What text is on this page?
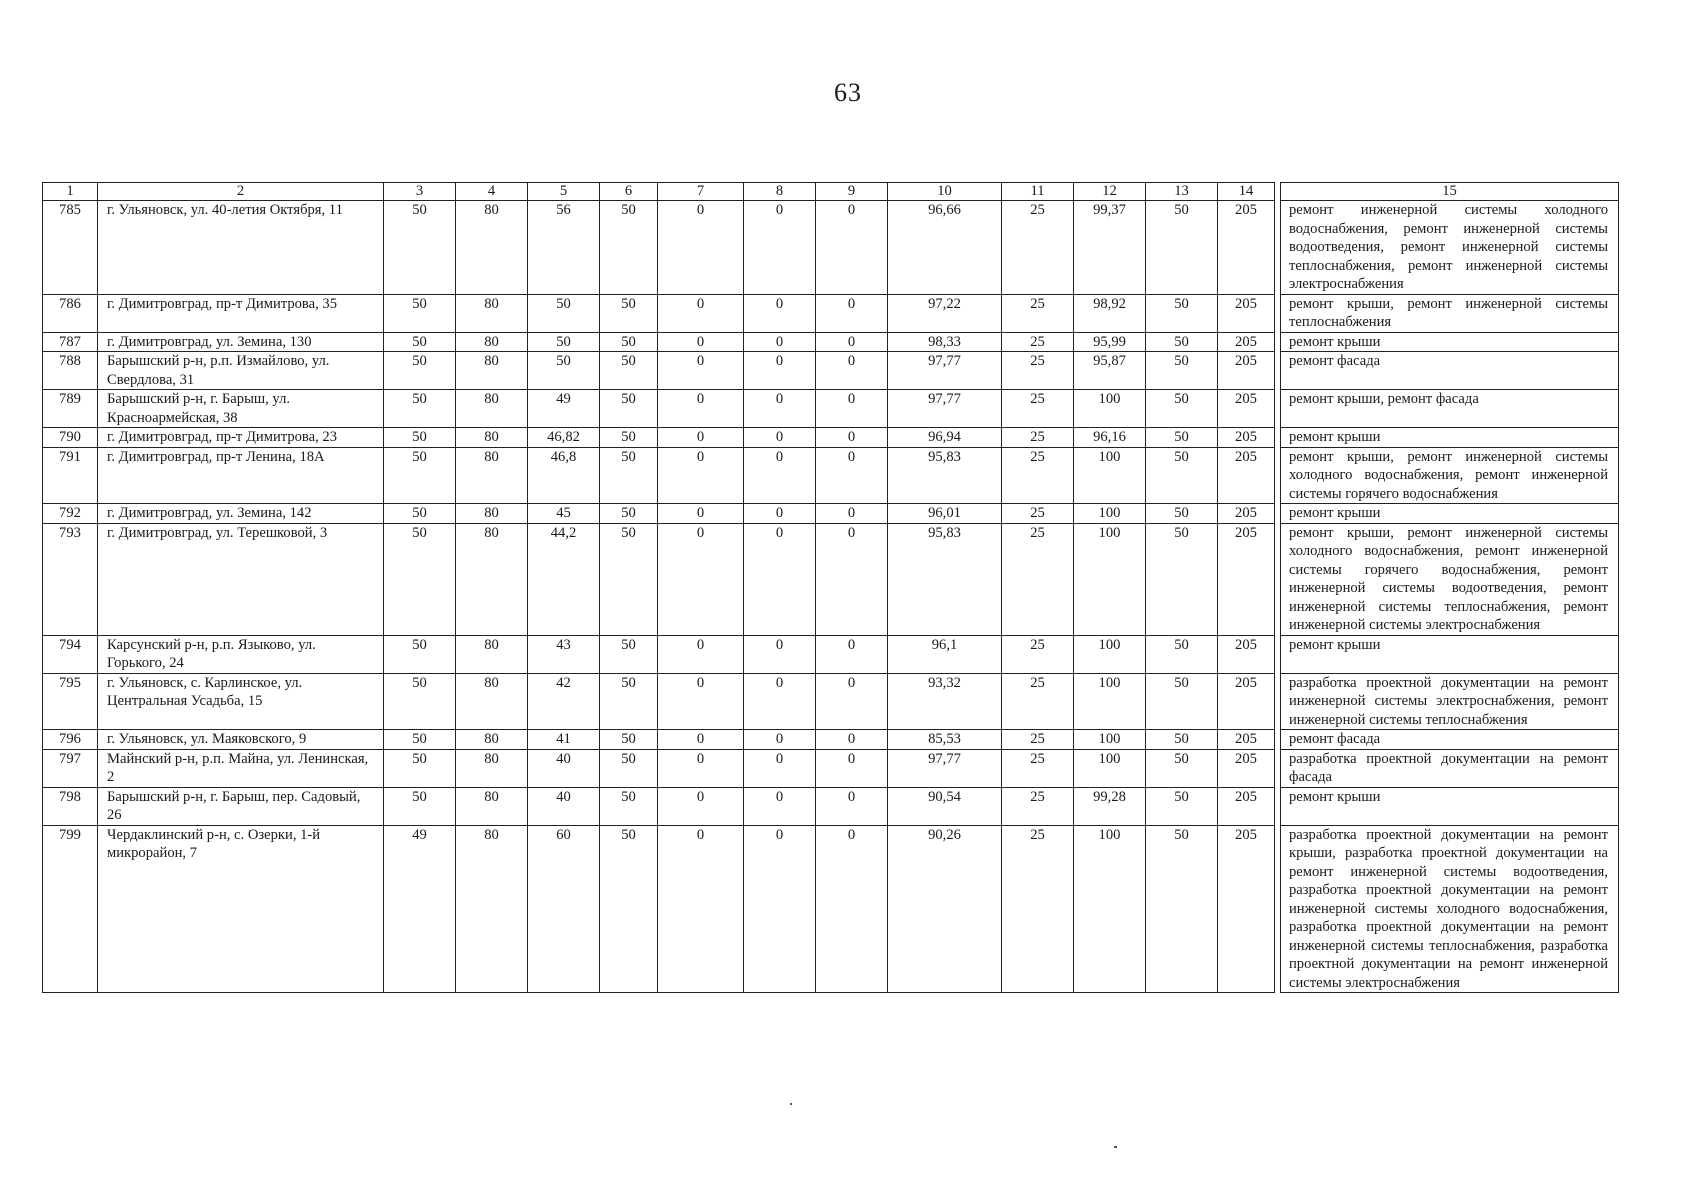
63
1	2	3	4	5	6	7	8	9	10	11	12	13	14		15
785	г. Ульяновск, ул. 40-летия Октября, 11	50	80	56	50	0	0	0	96,66	25	99,37	50	205		ремонт инженерной системы холодного водоснабжения, ремонт инженерной системы водоотведения, ремонт инженерной системы теплоснабжения, ремонт инженерной системы электроснабжения
786	г. Димитровград, пр-т Димитрова, 35	50	80	50	50	0	0	0	97,22	25	98,92	50	205		ремонт крыши, ремонт инженерной системы теплоснабжения
787	г. Димитровград, ул. Земина, 130	50	80	50	50	0	0	0	98,33	25	95,99	50	205		ремонт крыши
788	Барышский р-н, р.п. Измайлово, ул. Свердлова, 31	50	80	50	50	0	0	0	97,77	25	95,87	50	205		ремонт фасада
789	Барышский р-н, г. Барыш, ул. Красноармейская, 38	50	80	49	50	0	0	0	97,77	25	100	50	205		ремонт крыши, ремонт фасада
790	г. Димитровград, пр-т Димитрова, 23	50	80	46,82	50	0	0	0	96,94	25	96,16	50	205		ремонт крыши
791	г. Димитровград, пр-т Ленина, 18А	50	80	46,8	50	0	0	0	95,83	25	100	50	205		ремонт крыши, ремонт инженерной системы холодного водоснабжения, ремонт инженерной системы горячего водоснабжения
792	г. Димитровград, ул. Земина, 142	50	80	45	50	0	0	0	96,01	25	100	50	205		ремонт крыши
793	г. Димитровград, ул. Терешковой, 3	50	80	44,2	50	0	0	0	95,83	25	100	50	205		ремонт крыши, ремонт инженерной системы холодного водоснабжения, ремонт инженерной системы горячего водоснабжения, ремонт инженерной системы водоотведения, ремонт инженерной системы теплоснабжения, ремонт инженерной системы электроснабжения
794	Карсунский р-н, р.п. Языково, ул. Горького, 24	50	80	43	50	0	0	0	96,1	25	100	50	205		ремонт крыши
795	г. Ульяновск, с. Карлинское, ул. Центральная Усадьба, 15	50	80	42	50	0	0	0	93,32	25	100	50	205		разработка проектной документации на ремонт инженерной системы электроснабжения, ремонт инженерной системы теплоснабжения
796	г. Ульяновск, ул. Маяковского, 9	50	80	41	50	0	0	0	85,53	25	100	50	205		ремонт фасада
797	Майнский р-н, р.п. Майна, ул. Ленинская, 2	50	80	40	50	0	0	0	97,77	25	100	50	205		разработка проектной документации на ремонт фасада
798	Барышский р-н, г. Барыш, пер. Садовый, 26	50	80	40	50	0	0	0	90,54	25	99,28	50	205		ремонт крыши
799	Чердаклинский р-н, с. Озерки, 1-й микрорайон, 7	49	80	60	50	0	0	0	90,26	25	100	50	205		разработка проектной документации на ремонт крыши, разработка проектной документации на ремонт инженерной системы водоотведения, разработка проектной документации на ремонт инженерной системы холодного водоснабжения, разработка проектной документации на ремонт инженерной системы теплоснабжения, разработка проектной документации на ремонт инженерной системы электроснабжения
